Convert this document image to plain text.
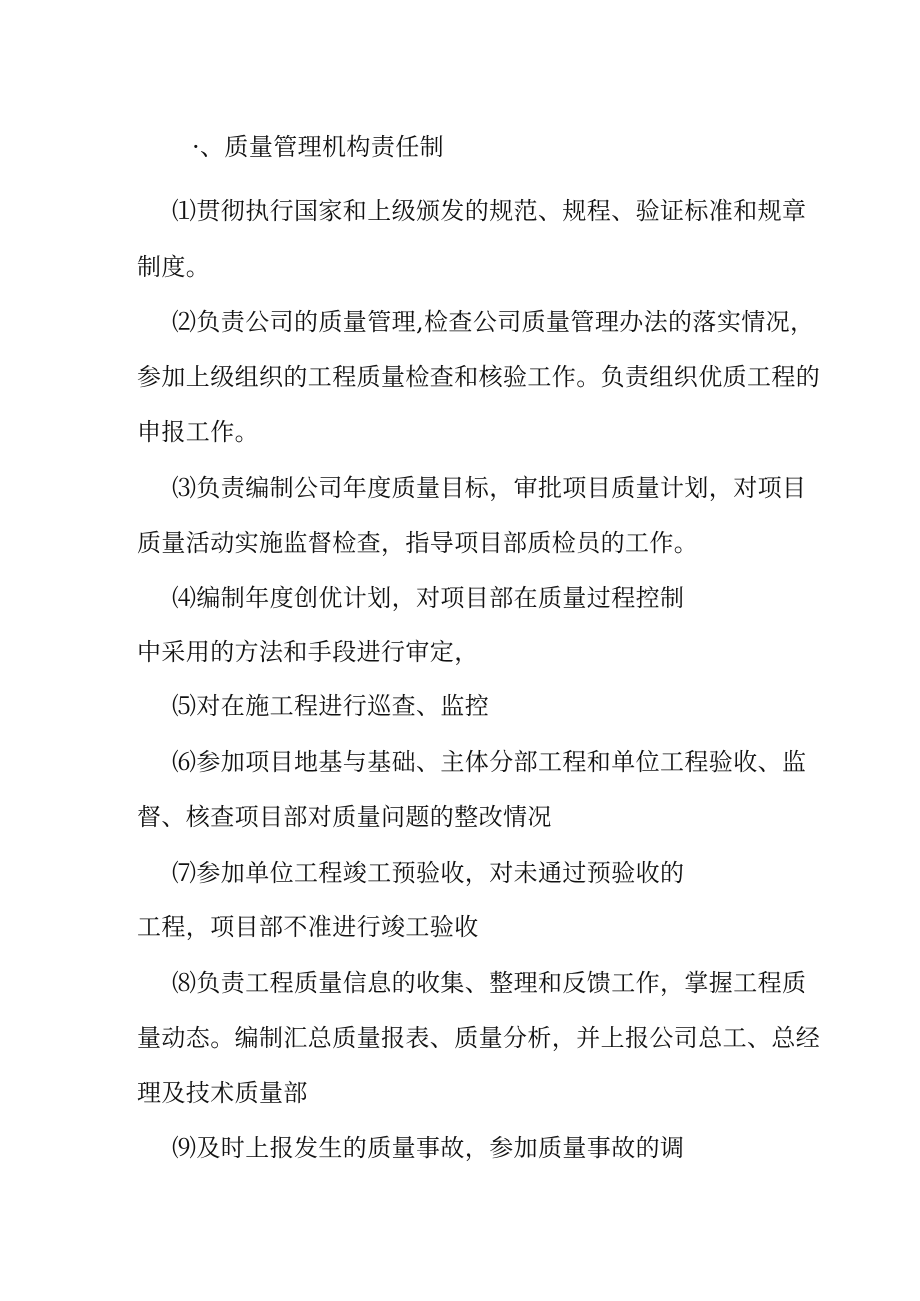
·、质量管理机构责任制
⑴贯彻执行国家和上级颁发的规范、规程、验证标准和规章
制度。
⑵负责公司的质量管理,检查公司质量管理办法的落实情况，
参加上级组织的工程质量检查和核验工作。负责组织优质工程的
申报工作。
⑶负责编制公司年度质量目标，审批项目质量计划，对项目
质量活动实施监督检查，指导项目部质检员的工作。
⑷编制年度创优计划，对项目部在质量过程控制
中采用的方法和手段进行审定，
⑸对在施工程进行巡查、监控
⑹参加项目地基与基础、主体分部工程和单位工程验收、监
督、核查项目部对质量问题的整改情况
⑺参加单位工程竣工预验收，对未通过预验收的
工程，项目部不准进行竣工验收
⑻负责工程质量信息的收集、整理和反馈工作，掌握工程质
量动态。编制汇总质量报表、质量分析，并上报公司总工、总经
理及技术质量部
⑼及时上报发生的质量事故，参加质量事故的调
